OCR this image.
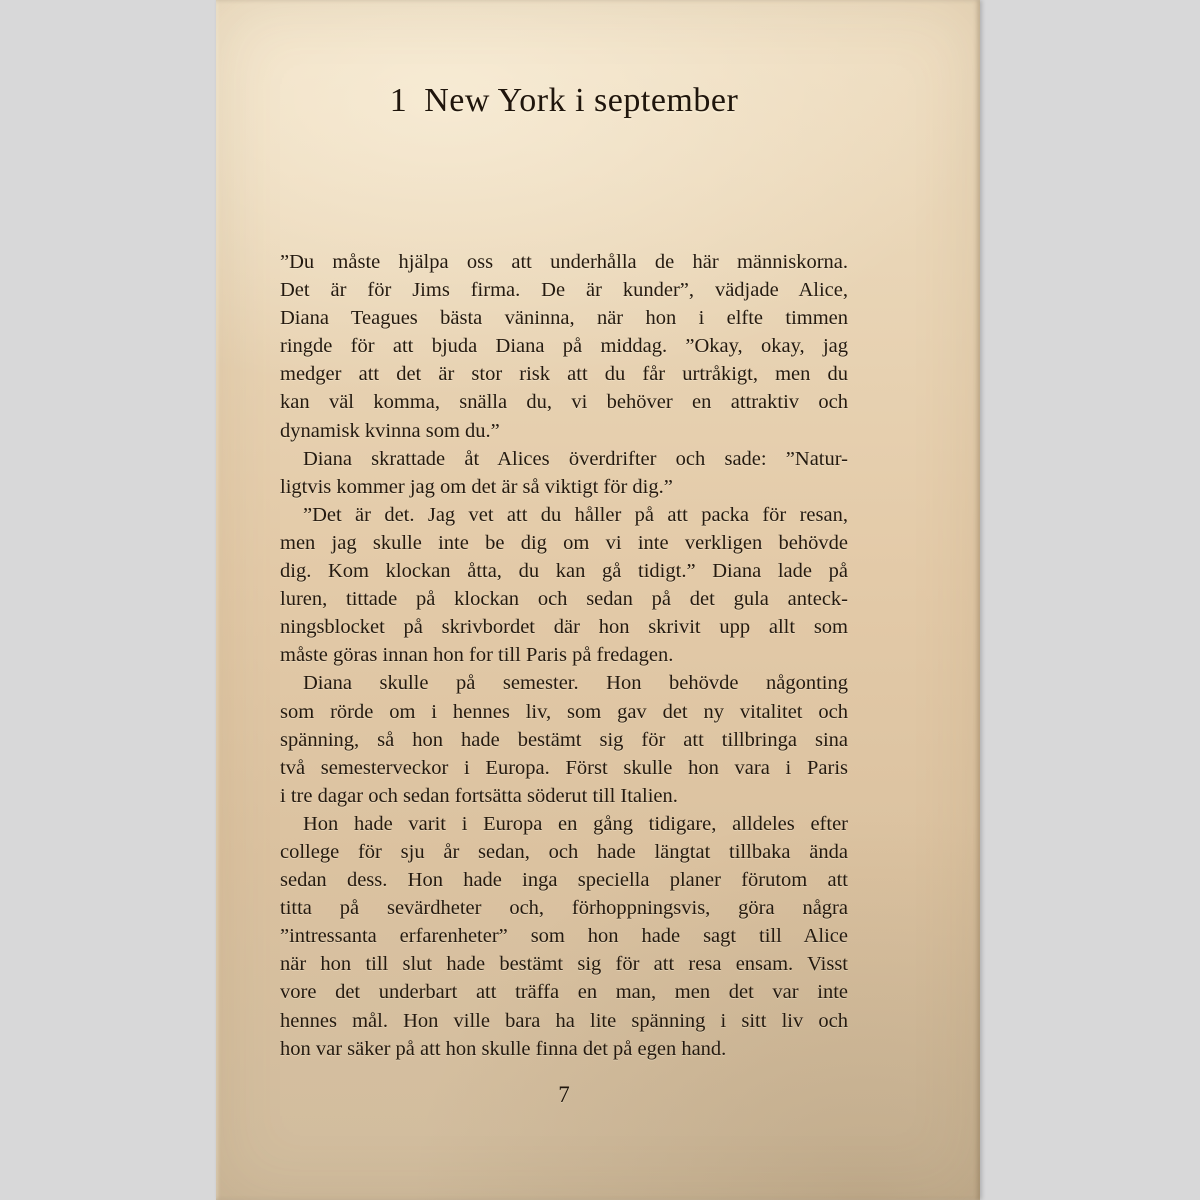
1 New York i september
”Du måste hjälpa oss att underhålla de här människorna.
Det är för Jims firma. De är kunder”, vädjade Alice,
Diana Teagues bästa väninna, när hon i elfte timmen
ringde för att bjuda Diana på middag. ”Okay, okay, jag
medger att det är stor risk att du får urtråkigt, men du
kan väl komma, snälla du, vi behöver en attraktiv och
dynamisk kvinna som du.”
Diana skrattade åt Alices överdrifter och sade: ”Natur-
ligtvis kommer jag om det är så viktigt för dig.”
”Det är det. Jag vet att du håller på att packa för resan,
men jag skulle inte be dig om vi inte verkligen behövde
dig. Kom klockan åtta, du kan gå tidigt.” Diana lade på
luren, tittade på klockan och sedan på det gula anteck-
ningsblocket på skrivbordet där hon skrivit upp allt som
måste göras innan hon for till Paris på fredagen.
Diana skulle på semester. Hon behövde någonting
som rörde om i hennes liv, som gav det ny vitalitet och
spänning, så hon hade bestämt sig för att tillbringa sina
två semesterveckor i Europa. Först skulle hon vara i Paris
i tre dagar och sedan fortsätta söderut till Italien.
Hon hade varit i Europa en gång tidigare, alldeles efter
college för sju år sedan, och hade längtat tillbaka ända
sedan dess. Hon hade inga speciella planer förutom att
titta på sevärdheter och, förhoppningsvis, göra några
”intressanta erfarenheter” som hon hade sagt till Alice
när hon till slut hade bestämt sig för att resa ensam. Visst
vore det underbart att träffa en man, men det var inte
hennes mål. Hon ville bara ha lite spänning i sitt liv och
hon var säker på att hon skulle finna det på egen hand.
7
